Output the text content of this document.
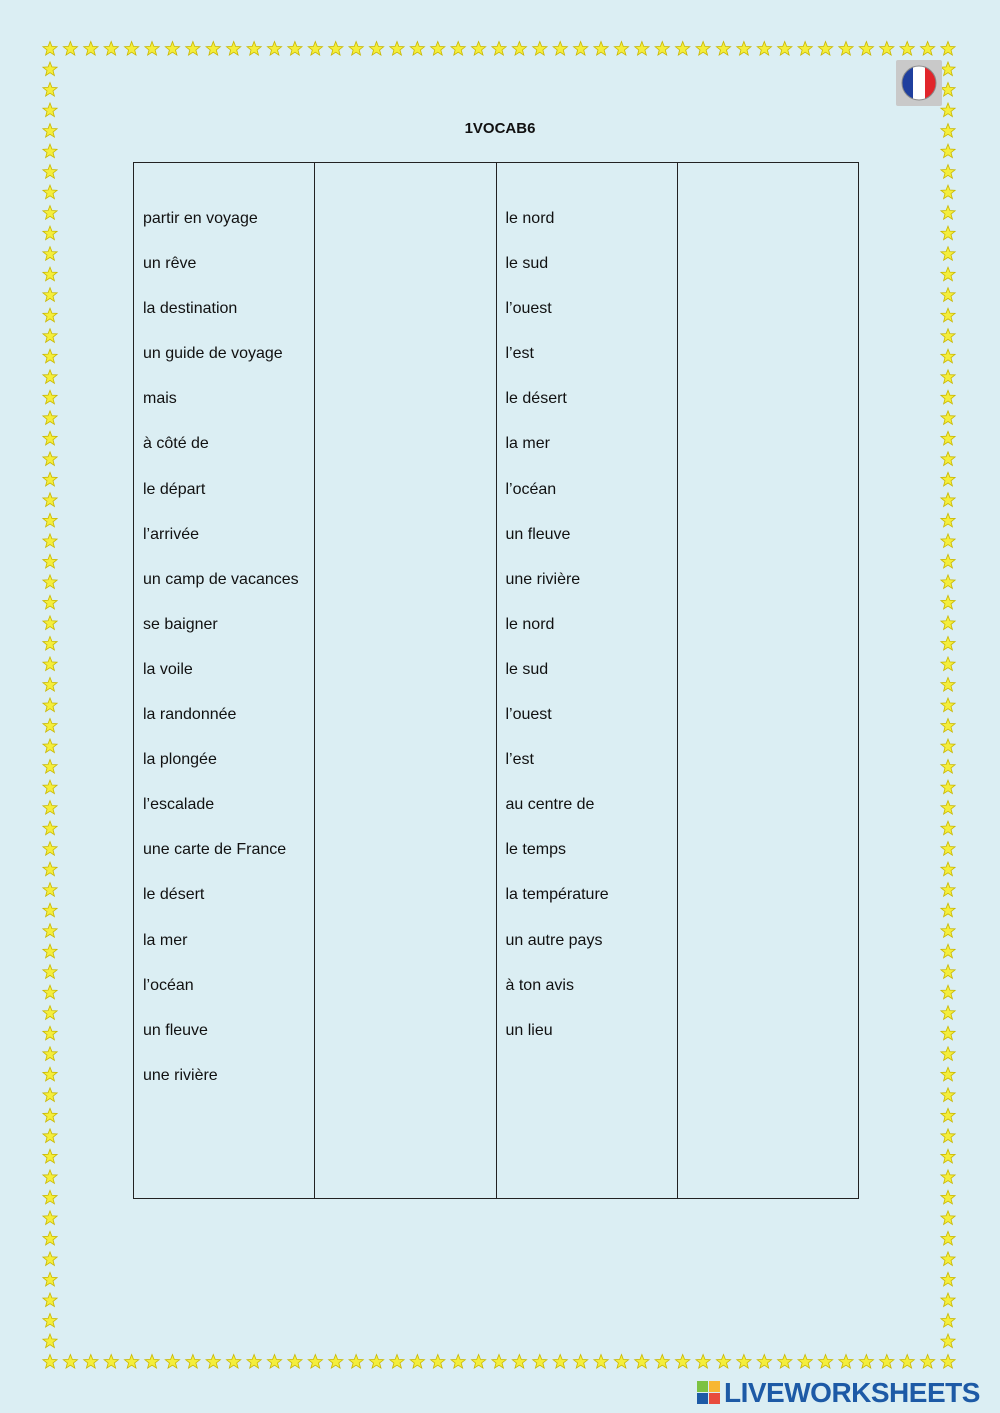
1VOCAB6
partir en voyage
un rêve
la destination
un guide de voyage
mais
à côté de
le départ
l’arrivée
un camp de vacances
se baigner
la voile
la randonnée
la plongée
l’escalade
une carte de France
le désert
la mer
l’océan
un fleuve
une rivière
le nord
le sud
l’ouest
l’est
le désert
la mer
l’océan
un fleuve
une rivière
le nord
le sud
l’ouest
l’est
au centre de
le temps
la température
un autre pays
à ton avis
un lieu
LIVEWORKSHEETS
